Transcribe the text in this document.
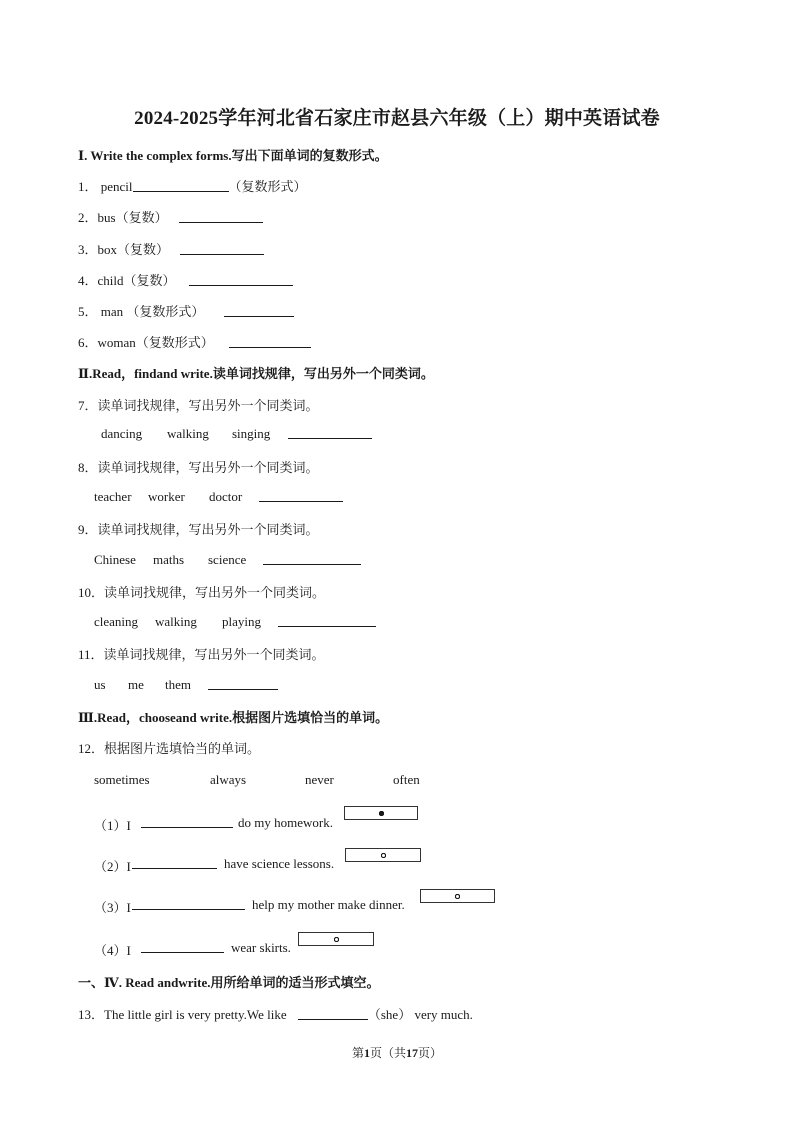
2024-2025学年河北省石家庄市赵县六年级（上）期中英语试卷
Ⅰ. Write the complex forms.写出下面单词的复数形式。
1． pencil	（复数形式）
2．bus（复数）
3．box（复数）
4．child（复数）
5． man （复数形式）
6．woman（复数形式）
Ⅱ.Read，findand write.读单词找规律，写出另外一个同类词。
7．读单词找规律，写出另外一个同类词。
dancing walking singing
8．读单词找规律，写出另外一个同类词。
teacher worker doctor
9．读单词找规律，写出另外一个同类词。
Chinese maths science
10．读单词找规律，写出另外一个同类词。
cleaning walking playing
11．读单词找规律，写出另外一个同类词。
us me them
Ⅲ.Read，chooseand write.根据图片选填恰当的单词。
12．根据图片选填恰当的单词。
sometimes	always	never	often
（1）I	do my homework.
（2）I	have science lessons.
（3）I	help my mother make dinner.
（4）I	wear skirts.
一、Ⅳ. Read andwrite.用所给单词的适当形式填空。
13．The little girl is very pretty.We like	（she） very much.
第1页（共17页）
